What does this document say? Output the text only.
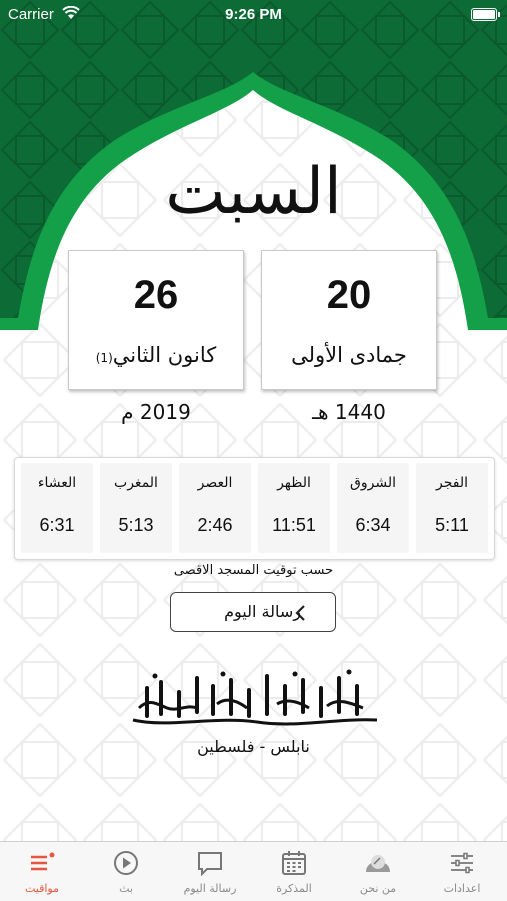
Carrier	9:26 PM
السبت
26
كانون الثاني(1)
20
جمادى الأولى
2019 م	1440 هـ
الفجر
5:11
الشروق
6:34
الظهر
11:51
العصر
2:46
المغرب
5:13
العشاء
6:31
حسب توقيت المسجد الاقصى
رسالة اليوم
نابلس - فلسطين
مواقيت	بث	رسالة اليوم	المذكرة	من نحن	اعدادات
